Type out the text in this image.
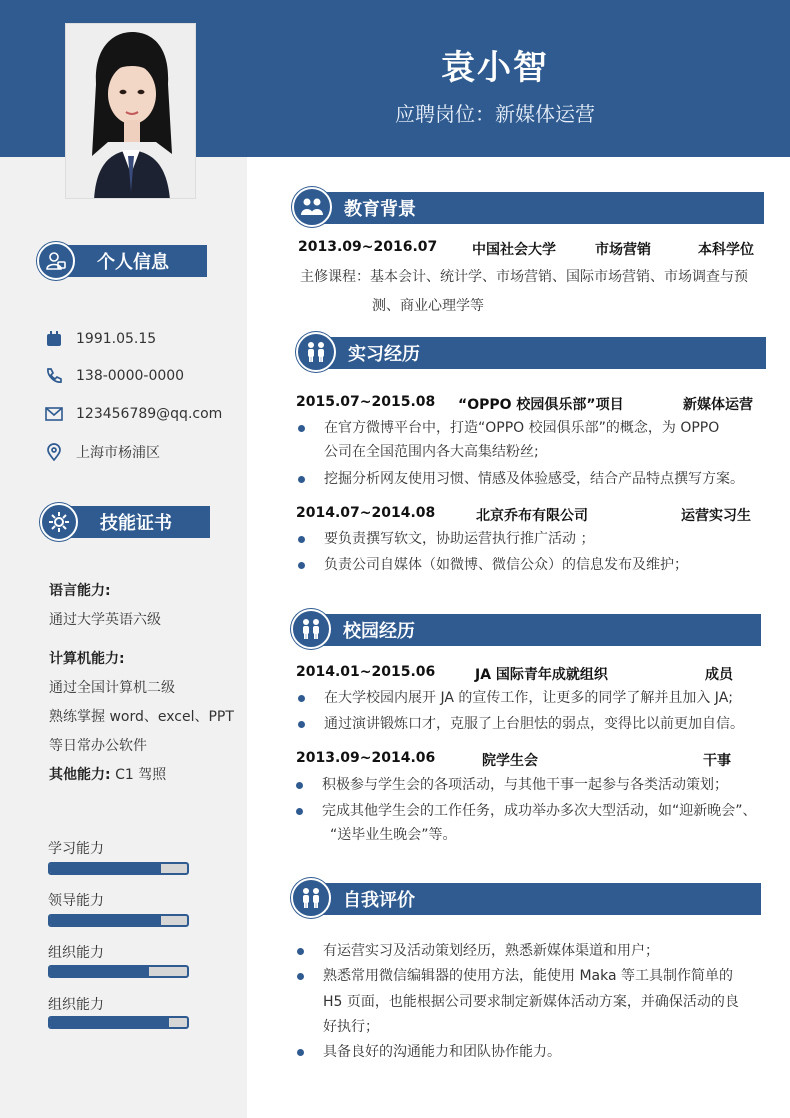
袁小智
应聘岗位：新媒体运营
个人信息
1991.05.15
138-0000-0000
123456789@qq.com
上海市杨浦区
技能证书
语言能力:
通过大学英语六级
计算机能力:
通过全国计算机二级
熟练掌握 word、excel、PPT
等日常办公软件
其他能力: C1 驾照
学习能力
领导能力
组织能力
组织能力
教育背景
2013.09~2016.07 中国社会大学	市场营销	本科学位
主修课程：基本会计、统计学、市场营销、国际市场营销、市场调查与预
测、商业心理学等
实习经历
2015.07~2015.08 “OPPO 校园俱乐部”项目	新媒体运营
在官方微博平台中，打造“OPPO 校园俱乐部”的概念，为 OPPO
公司在全国范围内各大高集结粉丝;
挖掘分析网友使用习惯、情感及体验感受，结合产品特点撰写方案。
2014.07~2014.08	北京乔布有限公司	运营实习生
要负责撰写软文，协助运营执行推广活动 ；
负责公司自媒体（如微博、微信公众）的信息发布及维护；
校园经历
2014.01~2015.06	JA 国际青年成就组织	成员
在大学校园内展开 JA 的宣传工作，让更多的同学了解并且加入 JA;
通过演讲锻炼口才，克服了上台胆怯的弱点，变得比以前更加自信。
2013.09~2014.06	院学生会	干事
积极参与学生会的各项活动，与其他干事一起参与各类活动策划；
完成其他学生会的工作任务，成功举办多次大型活动，如“迎新晚会”、
“送毕业生晚会”等。
自我评价
有运营实习及活动策划经历，熟悉新媒体渠道和用户；
熟悉常用微信编辑器的使用方法，能使用 Maka 等工具制作简单的
H5 页面，也能根据公司要求制定新媒体活动方案，并确保活动的良
好执行；
具备良好的沟通能力和团队协作能力。
